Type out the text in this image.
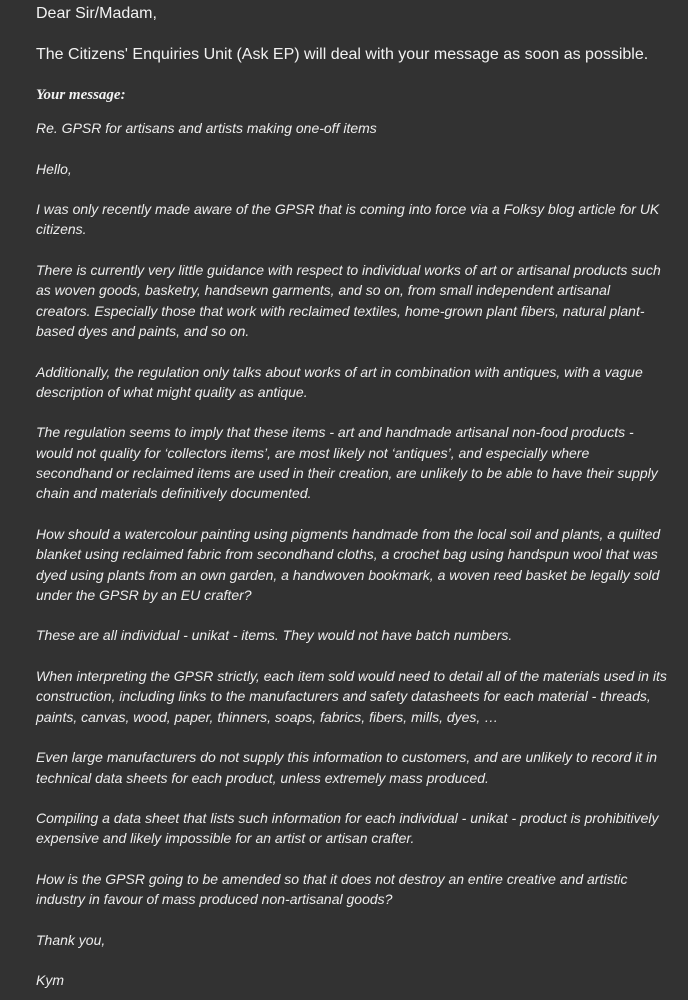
Dear Sir/Madam,
The Citizens' Enquiries Unit (Ask EP) will deal with your message as soon as possible.
Your message:

Re. GPSR for artisans and artists making one-off items

Hello,

I was only recently made aware of the GPSR that is coming into force via a Folksy blog article for UK citizens.

There is currently very little guidance with respect to individual works of art or artisanal products such as woven goods, basketry, handsewn garments, and so on, from small independent artisanal creators. Especially those that work with reclaimed textiles, home-grown plant fibers, natural plant-based dyes and paints, and so on.

Additionally, the regulation only talks about works of art in combination with antiques, with a vague description of what might quality as antique.

The regulation seems to imply that these items - art and handmade artisanal non-food products - would not quality for ‘collectors items’, are most likely not ‘antiques’, and especially where secondhand or reclaimed items are used in their creation, are unlikely to be able to have their supply chain and materials definitively documented.

How should a watercolour painting using pigments handmade from the local soil and plants, a quilted blanket using reclaimed fabric from secondhand cloths, a crochet bag using handspun wool that was dyed using plants from an own garden, a handwoven bookmark, a woven reed basket be legally sold under the GPSR by an EU crafter?

These are all individual - unikat - items. They would not have batch numbers.

When interpreting the GPSR strictly, each item sold would need to detail all of the materials used in its construction, including links to the manufacturers and safety datasheets for each material - threads, paints, canvas, wood, paper, thinners, soaps, fabrics, fibers, mills, dyes, …

Even large manufacturers do not supply this information to customers, and are unlikely to record it in technical data sheets for each product, unless extremely mass produced.

Compiling a data sheet that lists such information for each individual - unikat - product is prohibitively expensive and likely impossible for an artist or artisan crafter.

How is the GPSR going to be amended so that it does not destroy an entire creative and artistic industry in favour of mass produced non-artisanal goods?

Thank you,

Kym
